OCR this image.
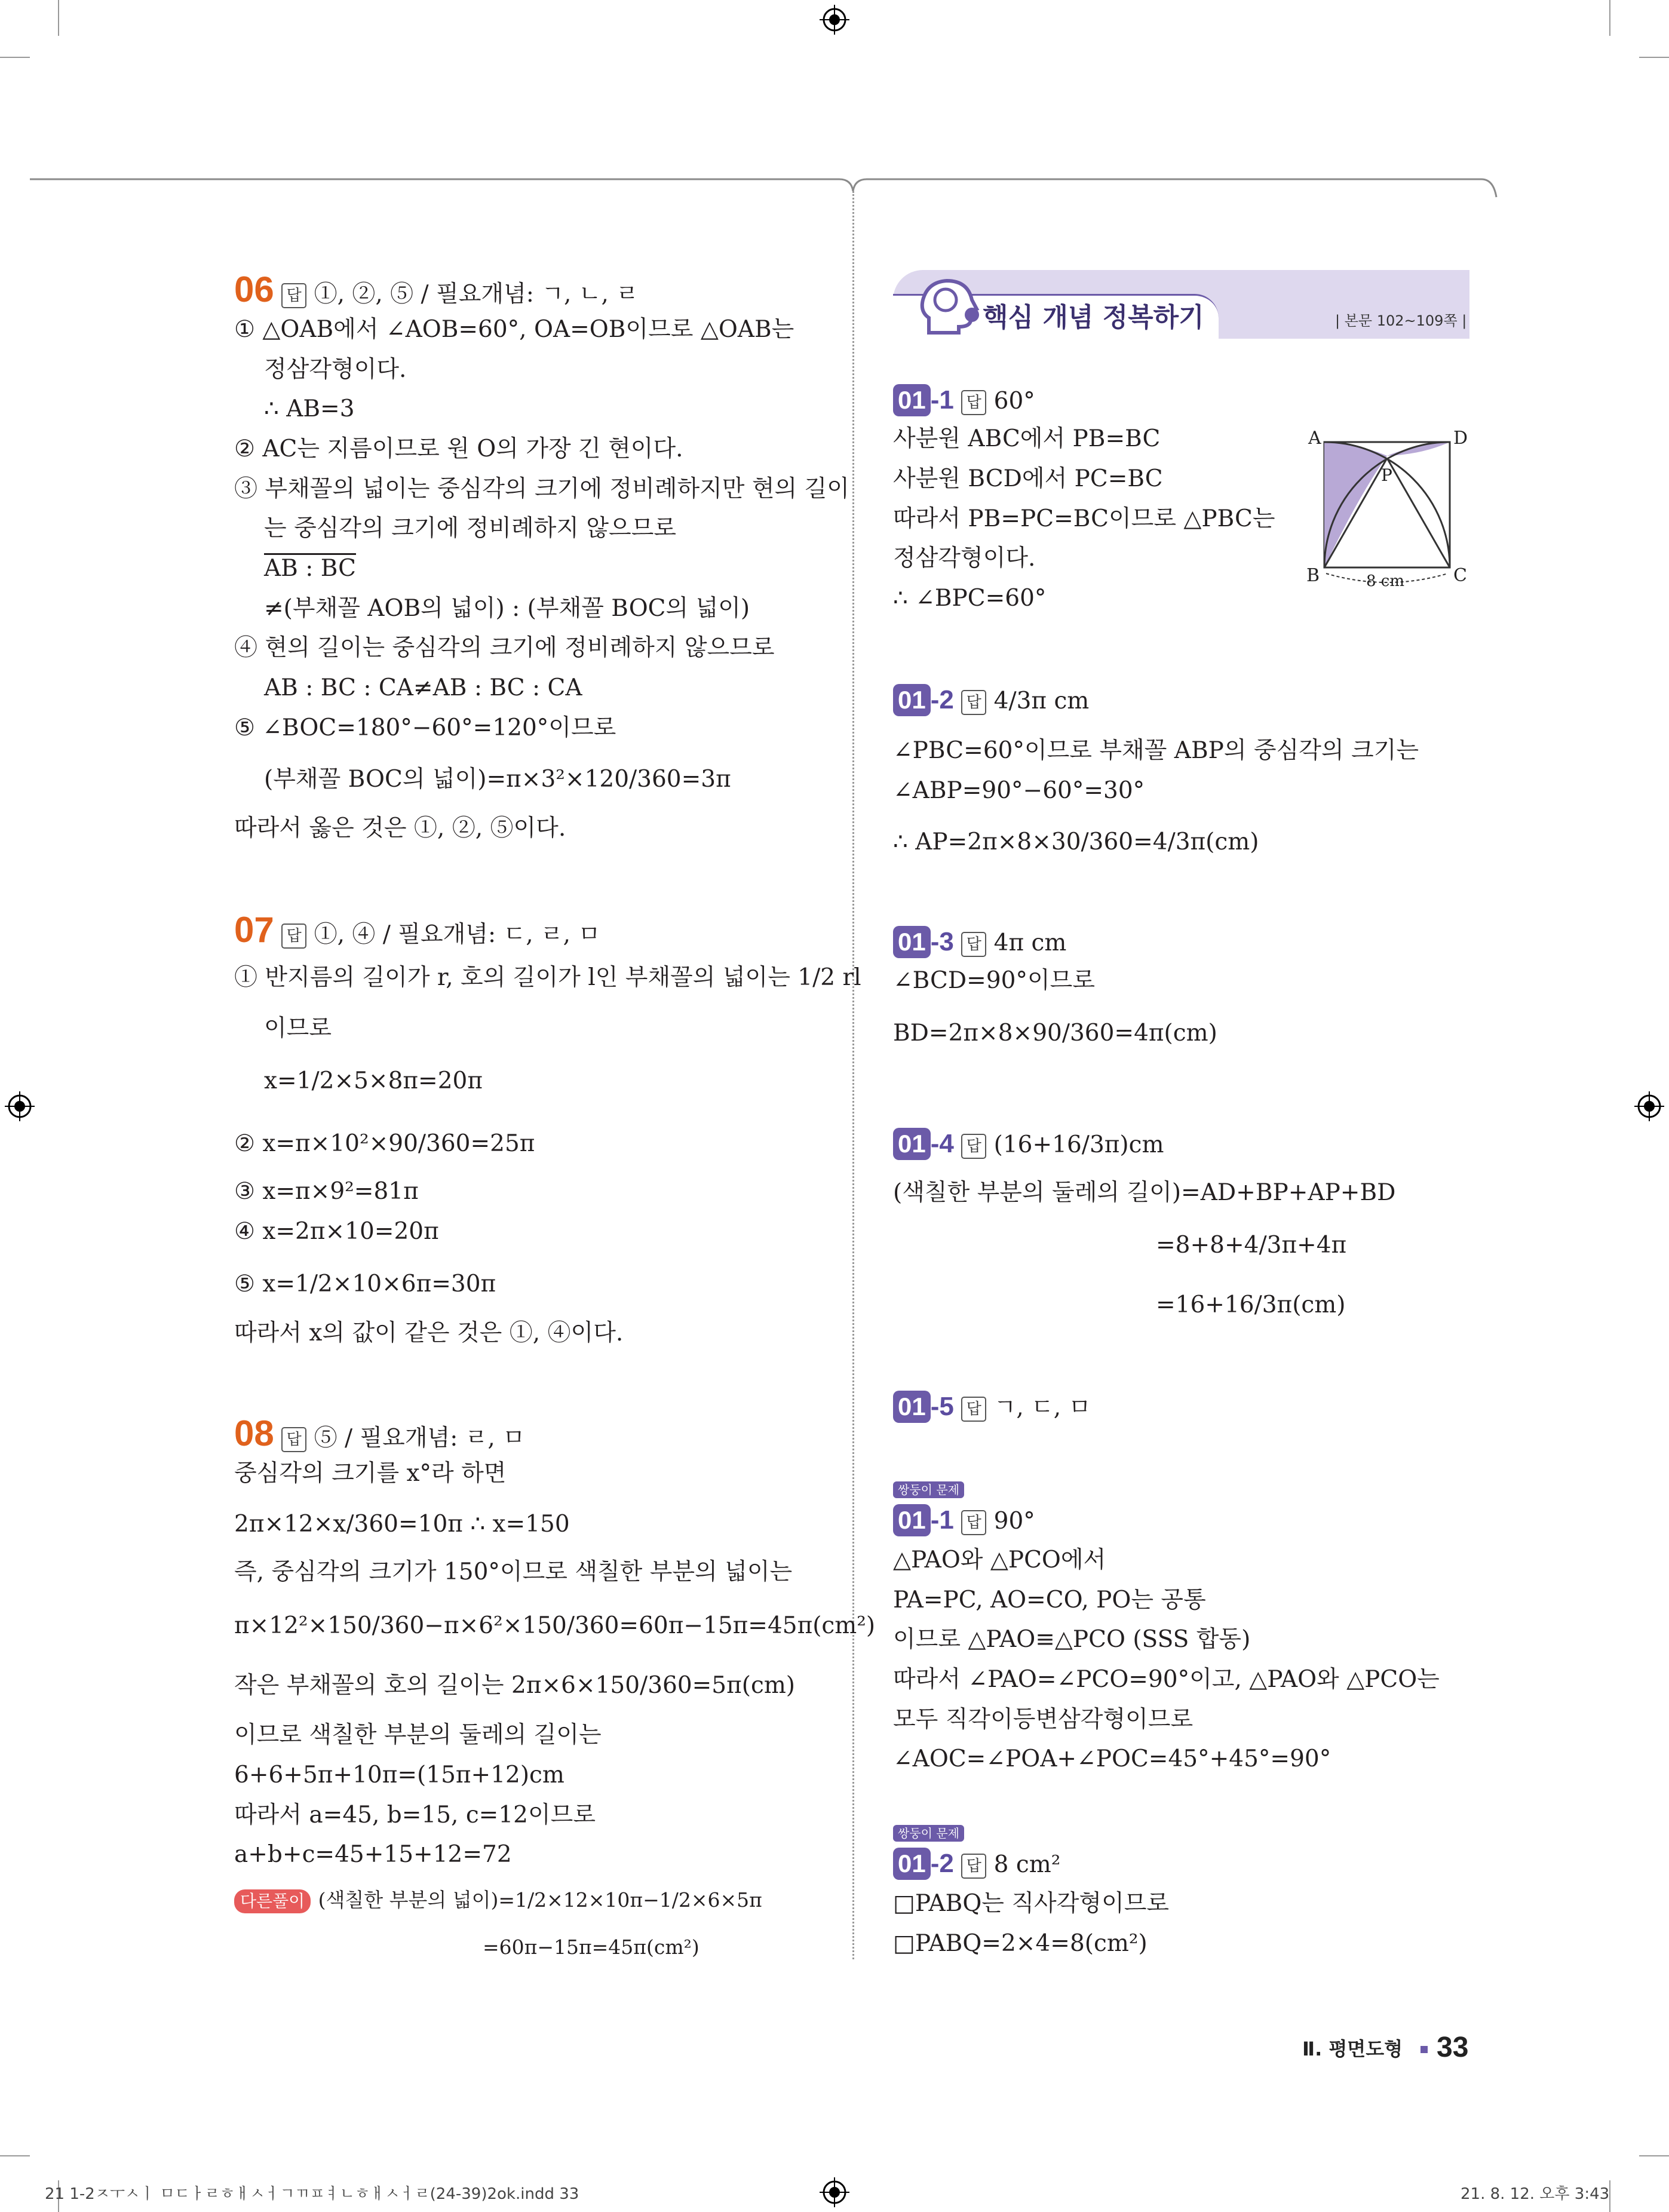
06 답 ①, ②, ⑤ / 필요개념: ㄱ, ㄴ, ㄹ
① △OAB에서 ∠AOB=60°, OA=OB이므로 △OAB는
정삼각형이다.
∴ AB=3
② AC는 지름이므로 원 O의 가장 긴 현이다.
③ 부채꼴의 넓이는 중심각의 크기에 정비례하지만 현의 길이
는 중심각의 크기에 정비례하지 않으므로
AB : BC
≠(부채꼴 AOB의 넓이) : (부채꼴 BOC의 넓이)
④ 현의 길이는 중심각의 크기에 정비례하지 않으므로
AB : BC : CA≠AB : BC : CA
⑤ ∠BOC=180°−60°=120°이므로
(부채꼴 BOC의 넓이)=π×3²×120/360=3π
따라서 옳은 것은 ①, ②, ⑤이다.
07 답 ①, ④ / 필요개념: ㄷ, ㄹ, ㅁ
① 반지름의 길이가 r, 호의 길이가 l인 부채꼴의 넓이는 1/2 rl
이므로
x=1/2×5×8π=20π
② x=π×10²×90/360=25π
③ x=π×9²=81π
④ x=2π×10=20π
⑤ x=1/2×10×6π=30π
따라서 x의 값이 같은 것은 ①, ④이다.
08 답 ⑤ / 필요개념: ㄹ, ㅁ
중심각의 크기를 x°라 하면
2π×12×x/360=10π ∴ x=150
즉, 중심각의 크기가 150°이므로 색칠한 부분의 넓이는
π×12²×150/360−π×6²×150/360=60π−15π=45π(cm²)
작은 부채꼴의 호의 길이는 2π×6×150/360=5π(cm)
이므로 색칠한 부분의 둘레의 길이는
6+6+5π+10π=(15π+12)cm
따라서 a=45, b=15, c=12이므로
a+b+c=45+15+12=72
다른풀이 (색칠한 부분의 넓이)=1/2×12×10π−1/2×6×5π
=60π−15π=45π(cm²)
핵심 개념 정복하기	| 본문 102~109쪽 |
01 -1 답 60°
사분원 ABC에서 PB=BC
사분원 BCD에서 PC=BC
따라서 PB=PC=BC이므로 △PBC는
정삼각형이다.
∴ ∠BPC=60°
A	D
B	C
P
8 cm
01 -2 답 4/3π cm
∠PBC=60°이므로 부채꼴 ABP의 중심각의 크기는
∠ABP=90°−60°=30°
∴ AP=2π×8×30/360=4/3π(cm)
01 -3 답 4π cm
∠BCD=90°이므로
BD=2π×8×90/360=4π(cm)
01 -4 답 (16+16/3π)cm
(색칠한 부분의 둘레의 길이)=AD+BP+AP+BD
=8+8+4/3π+4π
=16+16/3π(cm)
01 -5 답 ㄱ, ㄷ, ㅁ
쌍둥이 문제
01 -1 답 90°
△PAO와 △PCO에서
PA=PC, AO=CO, PO는 공통
이므로 △PAO≡△PCO (SSS 합동)
따라서 ∠PAO=∠PCO=90°이고, △PAO와 △PCO는
모두 직각이등변삼각형이므로
∠AOC=∠POA+∠POC=45°+45°=90°
쌍둥이 문제
01 -2 답 8 cm²
□PABQ는 직사각형이므로
□PABQ=2×4=8(cm²)
Ⅱ. 평면도형 33
21 1-2ㅈㅜㅅㅣ ㅁㄷㅏㄹㅎㅐㅅㅓㄱㄲㅍㅕㄴㅎㅐㅅㅓㄹ(24-39)2ok.indd 33	21. 8. 12. 오후 3:43
